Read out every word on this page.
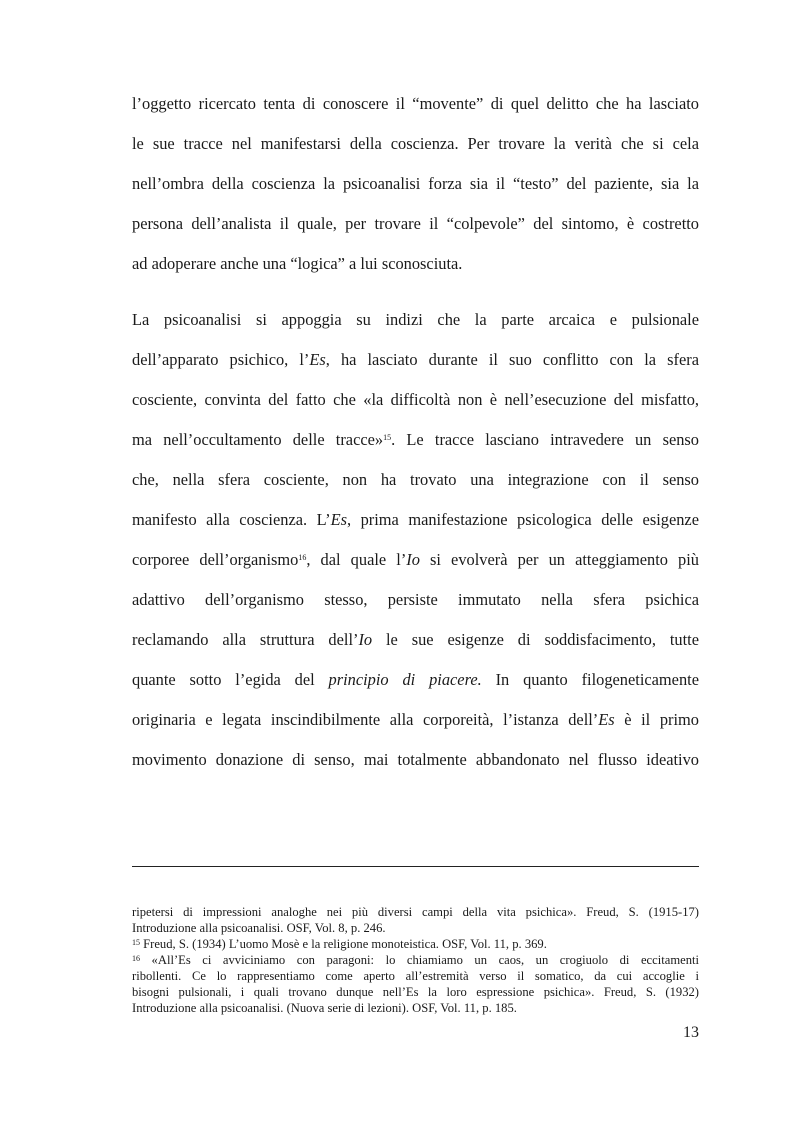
l’oggetto ricercato tenta di conoscere il “movente” di quel delitto che ha lasciato
le sue tracce nel manifestarsi della coscienza. Per trovare la verità che si cela
nell’ombra della coscienza la psicoanalisi forza sia il “testo” del paziente, sia la
persona dell’analista il quale, per trovare il “colpevole” del sintomo, è costretto
ad adoperare anche una “logica” a lui sconosciuta.
La psicoanalisi si appoggia su indizi che la parte arcaica e pulsionale
dell’apparato psichico, l’Es, ha lasciato durante il suo conflitto con la sfera
cosciente, convinta del fatto che «la difficoltà non è nell’esecuzione del misfatto,
ma nell’occultamento delle tracce»$^{15}$. Le tracce lasciano intravedere un senso
che, nella sfera cosciente, non ha trovato una integrazione con il senso
manifesto alla coscienza. L’Es, prima manifestazione psicologica delle esigenze
corporee dell’organismo$^{16}$, dal quale l’Io si evolverà per un atteggiamento più
adattivo dell’organismo stesso, persiste immutato nella sfera psichica
reclamando alla struttura dell’Io le sue esigenze di soddisfacimento, tutte
quante sotto l’egida del principio di piacere. In quanto filogeneticamente
originaria e legata inscindibilmente alla corporeità, l’istanza dell’Es è il primo
movimento donazione di senso, mai totalmente abbandonato nel flusso ideativo
ripetersi di impressioni analoghe nei più diversi campi della vita psichica». Freud, S. (1915-17)
Introduzione alla psicoanalisi. OSF, Vol. 8, p. 246.
$^{15}$ Freud, S. (1934) L’uomo Mosè e la religione monoteistica. OSF, Vol. 11, p. 369.
$^{16}$ «All’Es ci avviciniamo con paragoni: lo chiamiamo un caos, un crogiuolo di eccitamenti
ribollenti. Ce lo rappresentiamo come aperto all’estremità verso il somatico, da cui accoglie i
bisogni pulsionali, i quali trovano dunque nell’Es la loro espressione psichica». Freud, S. (1932)
Introduzione alla psicoanalisi. (Nuova serie di lezioni). OSF, Vol. 11, p. 185.
13
